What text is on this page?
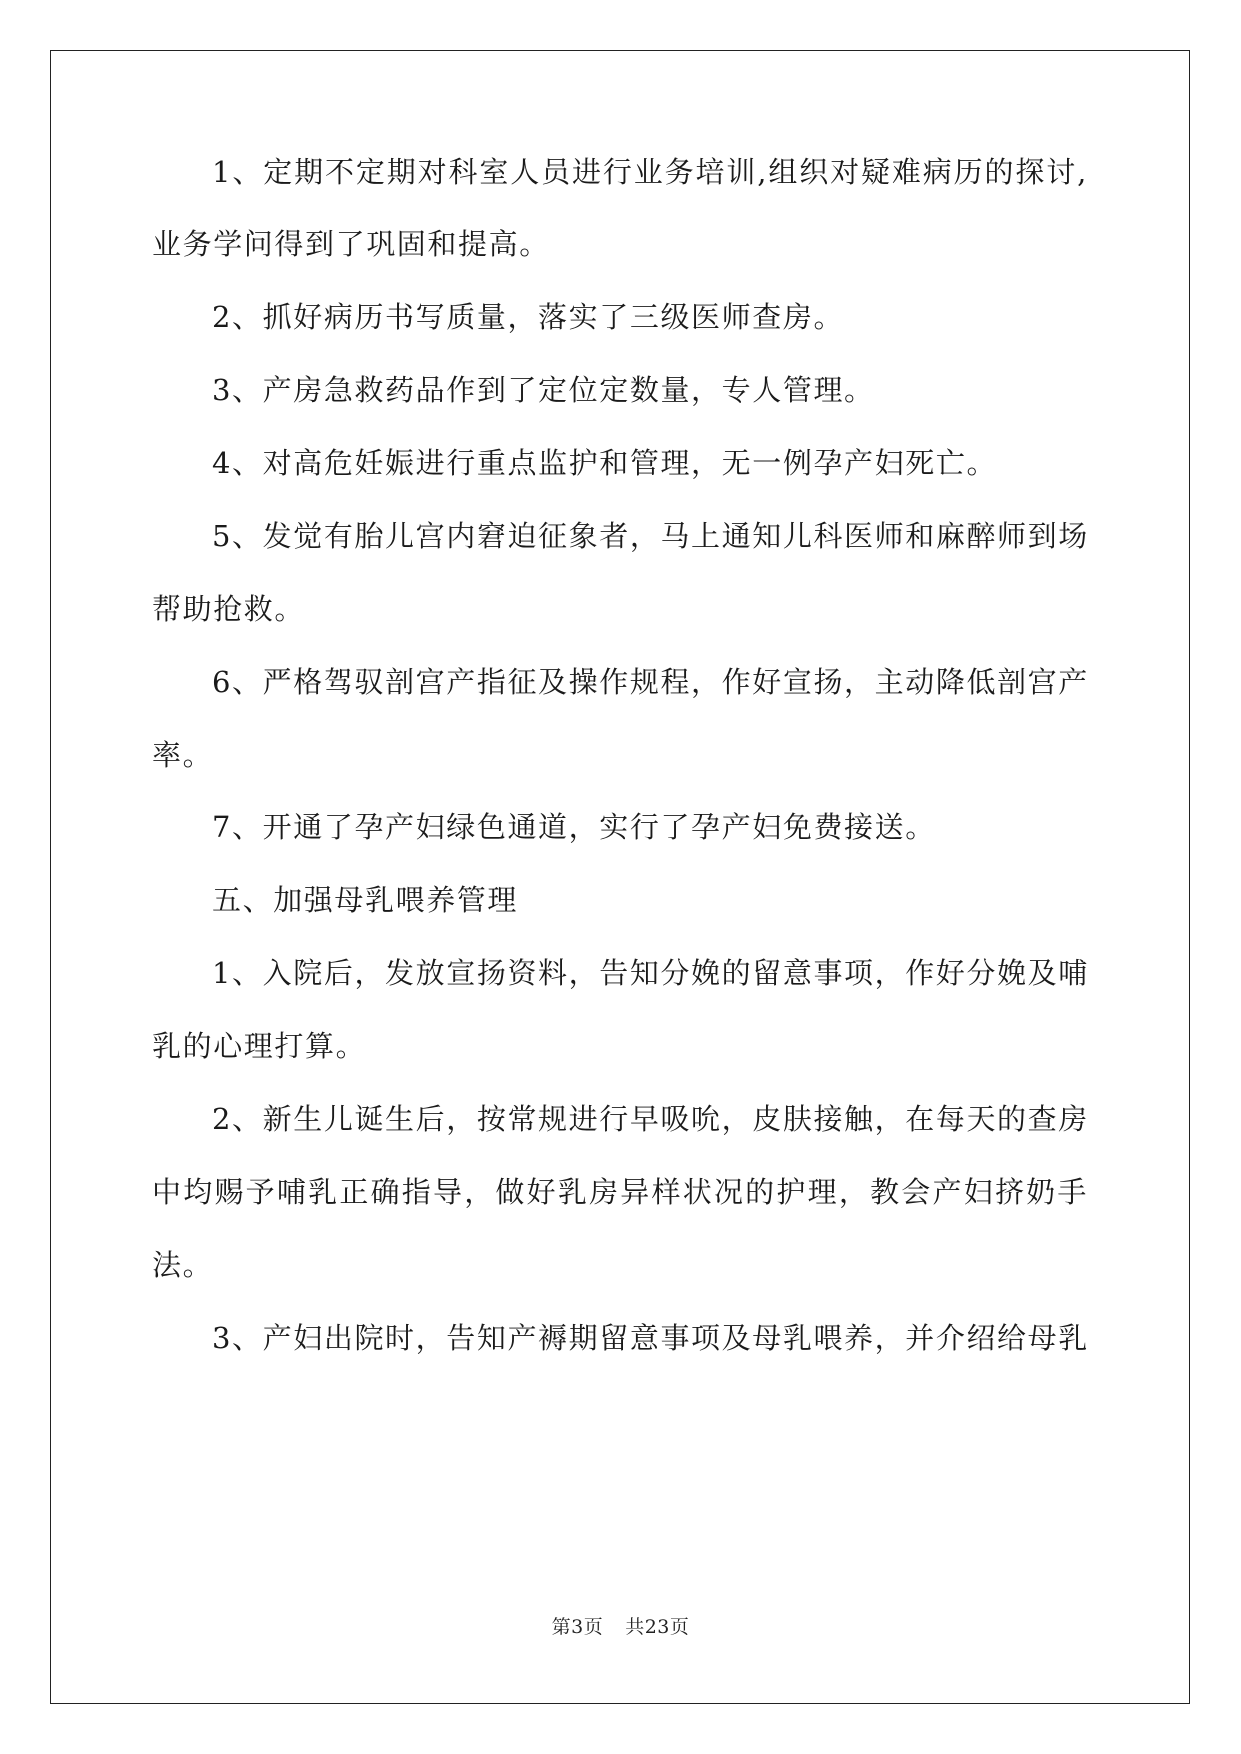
1、定期不定期对科室人员进行业务培训,组织对疑难病历的探讨,
业务学问得到了巩固和提高。
2、抓好病历书写质量，落实了三级医师查房。
3、产房急救药品作到了定位定数量，专人管理。
4、对高危妊娠进行重点监护和管理，无一例孕产妇死亡。
5、发觉有胎儿宫内窘迫征象者，马上通知儿科医师和麻醉师到场
帮助抢救。
6、严格驾驭剖宫产指征及操作规程，作好宣扬，主动降低剖宫产
率。
7、开通了孕产妇绿色通道，实行了孕产妇免费接送。
五、加强母乳喂养管理
1、入院后，发放宣扬资料，告知分娩的留意事项，作好分娩及哺
乳的心理打算。
2、新生儿诞生后，按常规进行早吸吮，皮肤接触，在每天的查房
中均赐予哺乳正确指导，做好乳房异样状况的护理，教会产妇挤奶手
法。
3、产妇出院时，告知产褥期留意事项及母乳喂养，并介绍给母乳
第3页 共23页
